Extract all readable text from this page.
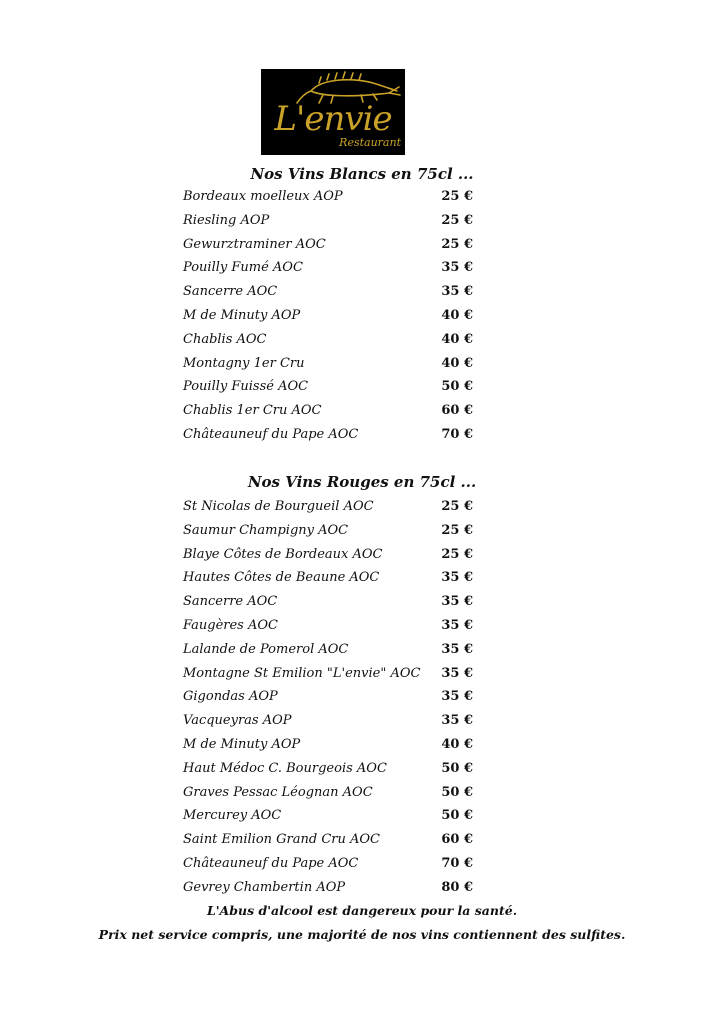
L'envie
Restaurant
Nos Vins Blancs en 75cl ...
Bordeaux moelleux AOP	25 €
Riesling AOP	25 €
Gewurztraminer AOC	25 €
Pouilly Fumé AOC	35 €
Sancerre AOC	35 €
M de Minuty AOP	40 €
Chablis AOC	40 €
Montagny 1er Cru	40 €
Pouilly Fuissé AOC	50 €
Chablis 1er Cru AOC	60 €
Châteauneuf du Pape AOC	70 €
Nos Vins Rouges en 75cl ...
St Nicolas de Bourgueil AOC	25 €
Saumur Champigny AOC	25 €
Blaye Côtes de Bordeaux AOC	25 €
Hautes Côtes de Beaune AOC	35 €
Sancerre AOC	35 €
Faugères AOC	35 €
Lalande de Pomerol AOC	35 €
Montagne St Emilion "L'envie" AOC 35 €
Gigondas AOP	35 €
Vacqueyras AOP	35 €
M de Minuty AOP	40 €
Haut Médoc C. Bourgeois AOC	50 €
Graves Pessac Léognan AOC	50 €
Mercurey AOC	50 €
Saint Emilion Grand Cru AOC	60 €
Châteauneuf du Pape AOC	70 €
Gevrey Chambertin AOP	80 €
L'Abus d'alcool est dangereux pour la santé.
Prix net service compris, une majorité de nos vins contiennent des sulfites.
